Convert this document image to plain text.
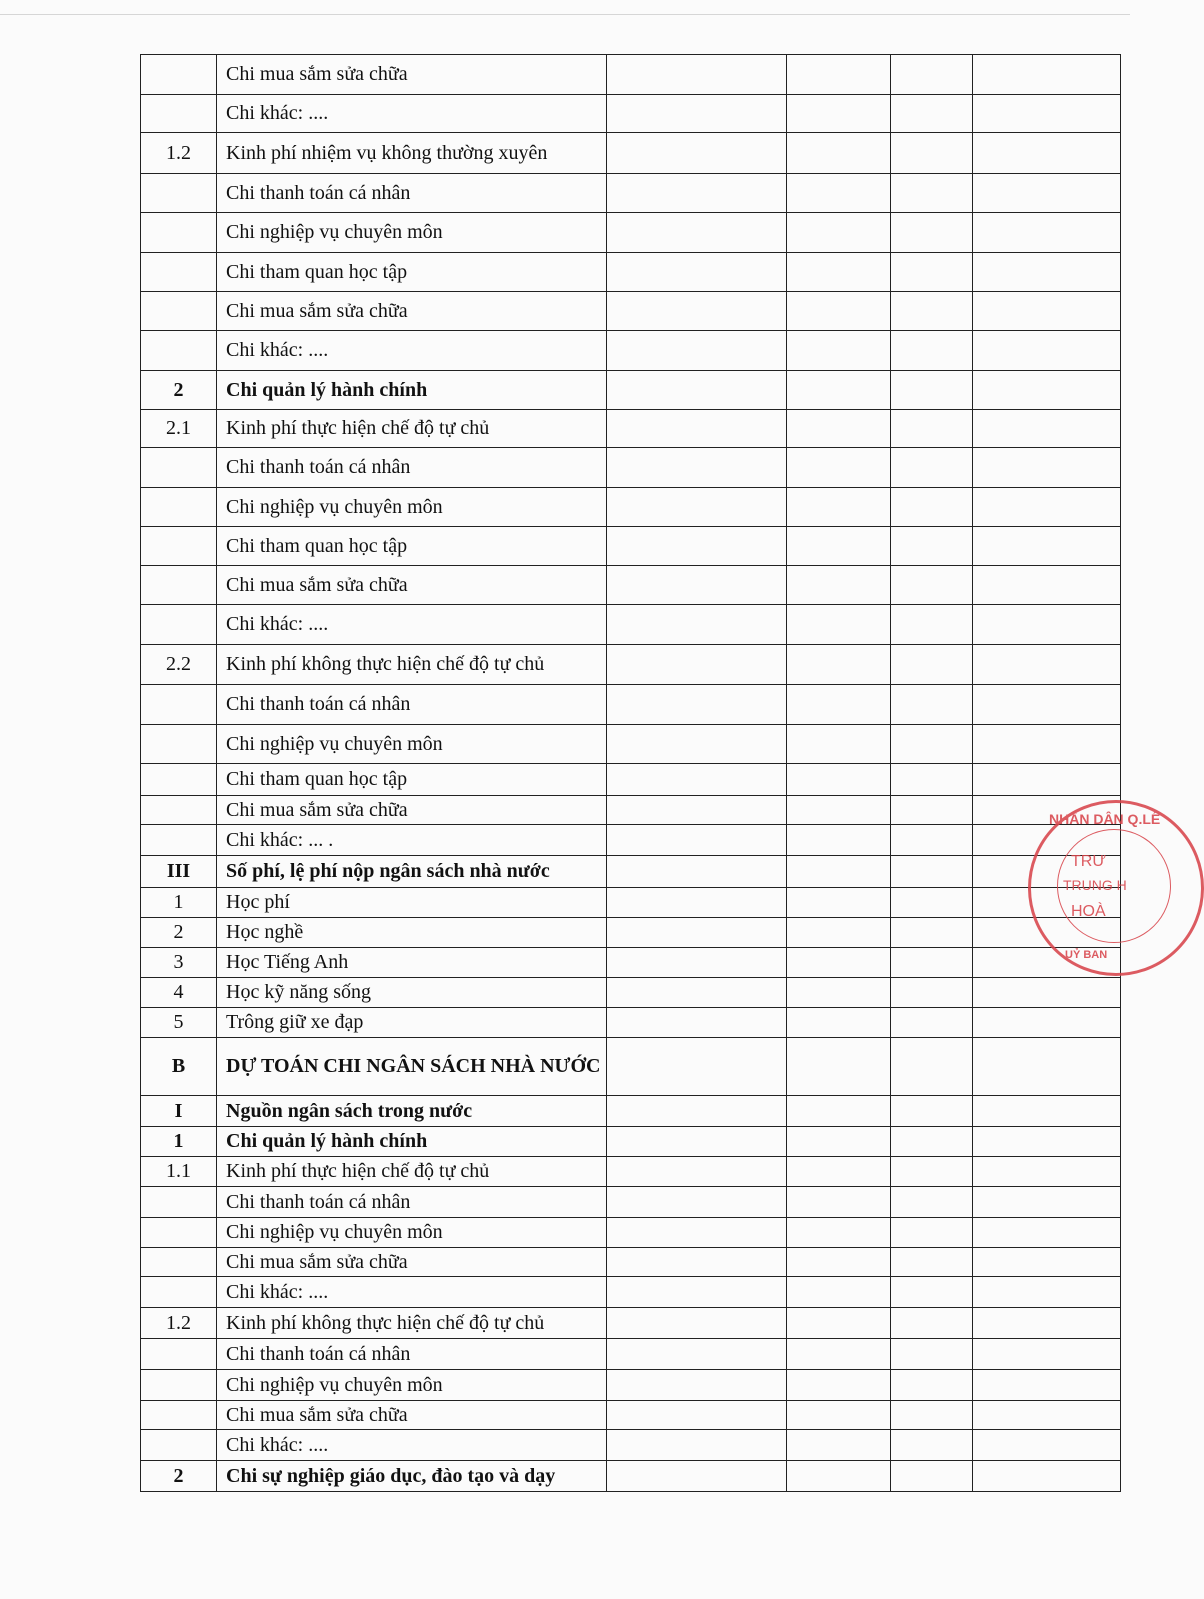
	Chi mua sắm sửa chữa				
	Chi khác: ....				
1.2	Kinh phí nhiệm vụ không thường xuyên				
	Chi thanh toán cá nhân				
	Chi nghiệp vụ chuyên môn				
	Chi tham quan học tập				
	Chi mua sắm sửa chữa				
	Chi khác: ....				
2	Chi quản lý hành chính				
2.1	Kinh phí thực hiện chế độ tự chủ				
	Chi thanh toán cá nhân				
	Chi nghiệp vụ chuyên môn				
	Chi tham quan học tập				
	Chi mua sắm sửa chữa				
	Chi khác: ....				
2.2	Kinh phí không thực hiện chế độ tự chủ				
	Chi thanh toán cá nhân				
	Chi nghiệp vụ chuyên môn				
	Chi tham quan học tập				
	Chi mua sắm sửa chữa				
	Chi khác: ... .				
III	Số phí, lệ phí nộp ngân sách nhà nước				
1	Học phí				
2	Học nghề				
3	Học Tiếng Anh				
4	Học kỹ năng sống				
5	Trông giữ xe đạp				
B	DỰ TOÁN CHI NGÂN SÁCH NHÀ NƯỚC				
I	Nguồn ngân sách trong nước				
1	Chi quản lý hành chính				
1.1	Kinh phí thực hiện chế độ tự chủ				
	Chi thanh toán cá nhân				
	Chi nghiệp vụ chuyên môn				
	Chi mua sắm sửa chữa				
	Chi khác: ....				
1.2	Kinh phí không thực hiện chế độ tự chủ				
	Chi thanh toán cá nhân				
	Chi nghiệp vụ chuyên môn				
	Chi mua sắm sửa chữa				
	Chi khác: ....				
2	Chi sự nghiệp giáo dục, đào tạo và dạy				
NHÂN DÂN Q.LÊ
TRƯ
TRUNG H
HOÀ
UỶ BAN
